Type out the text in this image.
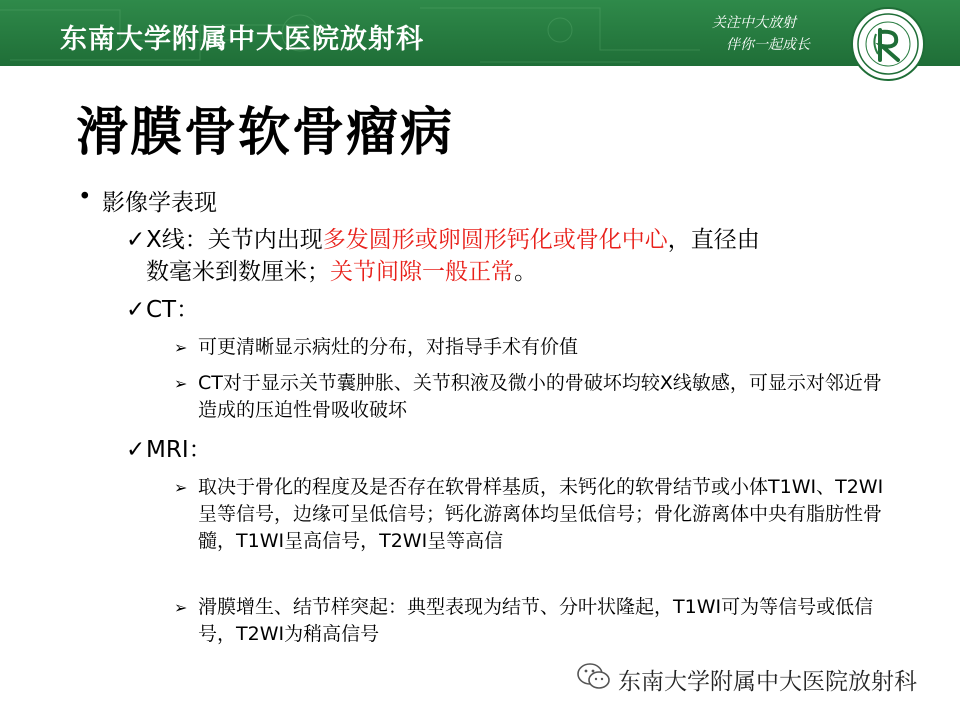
东南大学附属中大医院放射科
关注中大放射
伴你一起成长
滑膜骨软骨瘤病
• 影像学表现
✓ X线：关节内出现多发圆形或卵圆形钙化或骨化中心，直径由
数毫米到数厘米；关节间隙一般正常。
✓ CT：
➢ 可更清晰显示病灶的分布，对指导手术有价值
➢ CT对于显示关节囊肿胀、关节积液及微小的骨破坏均较X线敏感，可显示对邻近骨造成的压迫性骨吸收破坏
✓ MRI：
➢ 取决于骨化的程度及是否存在软骨样基质，未钙化的软骨结节或小体T1WI、T2WI呈等信号，边缘可呈低信号；钙化游离体均呈低信号；骨化游离体中央有脂肪性骨髓，T1WI呈高信号，T2WI呈等高信
➢ 滑膜增生、结节样突起：典型表现为结节、分叶状隆起，T1WI可为等信号或低信号，T2WI为稍高信号
东南大学附属中大医院放射科
